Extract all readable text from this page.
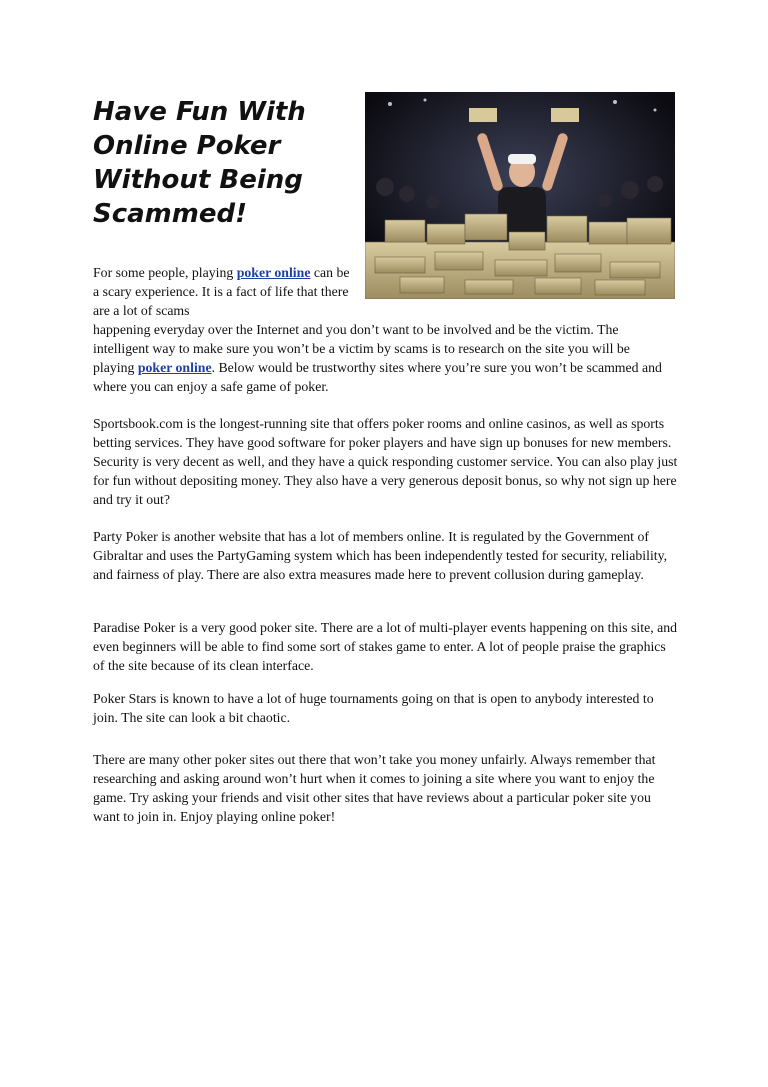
Have Fun With
Online Poker
Without Being
Scammed!
For some people, playing poker online can be a scary experience. It is a fact of life that there are a lot of scams
happening everyday over the Internet and you don’t want to be involved and be the victim. The intelligent way to make sure you won’t be a victim by scams is to research on the site you will be playing poker online. Below would be trustworthy sites where you’re sure you won’t be scammed and where you can enjoy a safe game of poker.

Sportsbook.com is the longest-running site that offers poker rooms and online casinos, as well as sports betting services. They have good software for poker players and have sign up bonuses for new members. Security is very decent as well, and they have a quick responding customer service. You can also play just for fun without depositing money. They also have a very generous deposit bonus, so why not sign up here and try it out?

Party Poker is another website that has a lot of members online. It is regulated by the Government of Gibraltar and uses the PartyGaming system which has been independently tested for security, reliability, and fairness of play. There are also extra measures made here to prevent collusion during gameplay.

Paradise Poker is a very good poker site. There are a lot of multi-player events happening on this site, and even beginners will be able to find some sort of stakes game to enter. A lot of people praise the graphics of the site because of its clean interface.

Poker Stars is known to have a lot of huge tournaments going on that is open to anybody interested to join. The site can look a bit chaotic.

There are many other poker sites out there that won’t take you money unfairly. Always remember that researching and asking around won’t hurt when it comes to joining a site where you want to enjoy the game. Try asking your friends and visit other sites that have reviews about a particular poker site you want to join in. Enjoy playing online poker!
